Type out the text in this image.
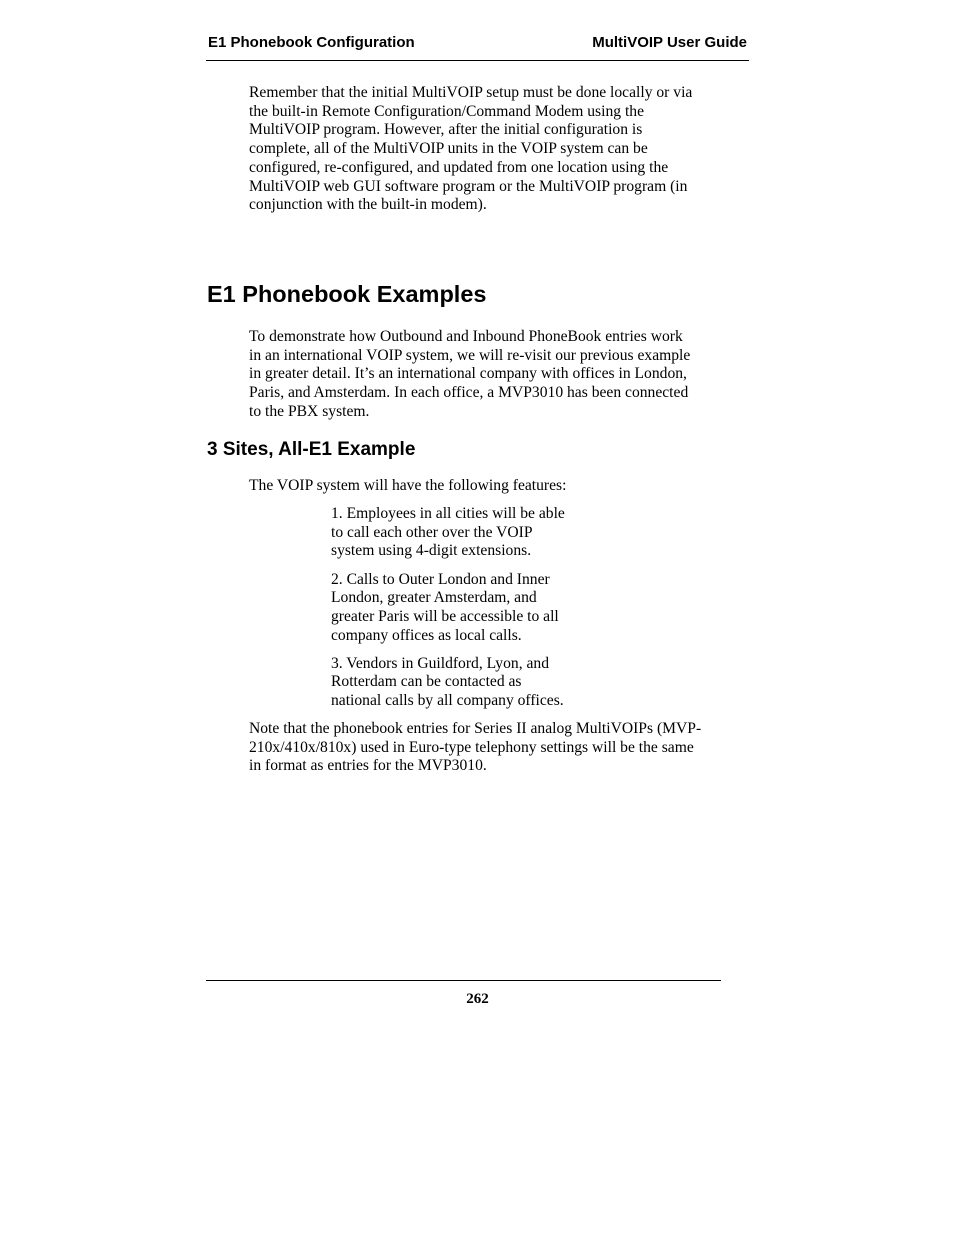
E1 Phonebook Configuration	MultiVOIP User Guide

Remember that the initial MultiVOIP setup must be done locally or via
the built-in Remote Configuration/Command Modem using the
MultiVOIP program. However, after the initial configuration is
complete, all of the MultiVOIP units in the VOIP system can be
configured, re-configured, and updated from one location using the
MultiVOIP web GUI software program or the MultiVOIP program (in
conjunction with the built-in modem).

E1 Phonebook Examples

To demonstrate how Outbound and Inbound PhoneBook entries work
in an international VOIP system, we will re-visit our previous example
in greater detail. It’s an international company with offices in London,
Paris, and Amsterdam. In each office, a MVP3010 has been connected
to the PBX system.

3 Sites, All-E1 Example

The VOIP system will have the following features:

1. Employees in all cities will be able
to call each other over the VOIP
system using 4-digit extensions.
2. Calls to Outer London and Inner
London, greater Amsterdam, and
greater Paris will be accessible to all
company offices as local calls.
3. Vendors in Guildford, Lyon, and
Rotterdam can be contacted as
national calls by all company offices.

Note that the phonebook entries for Series II analog MultiVOIPs (MVP-
210x/410x/810x) used in Euro-type telephony settings will be the same
in format as entries for the MVP3010.

262
